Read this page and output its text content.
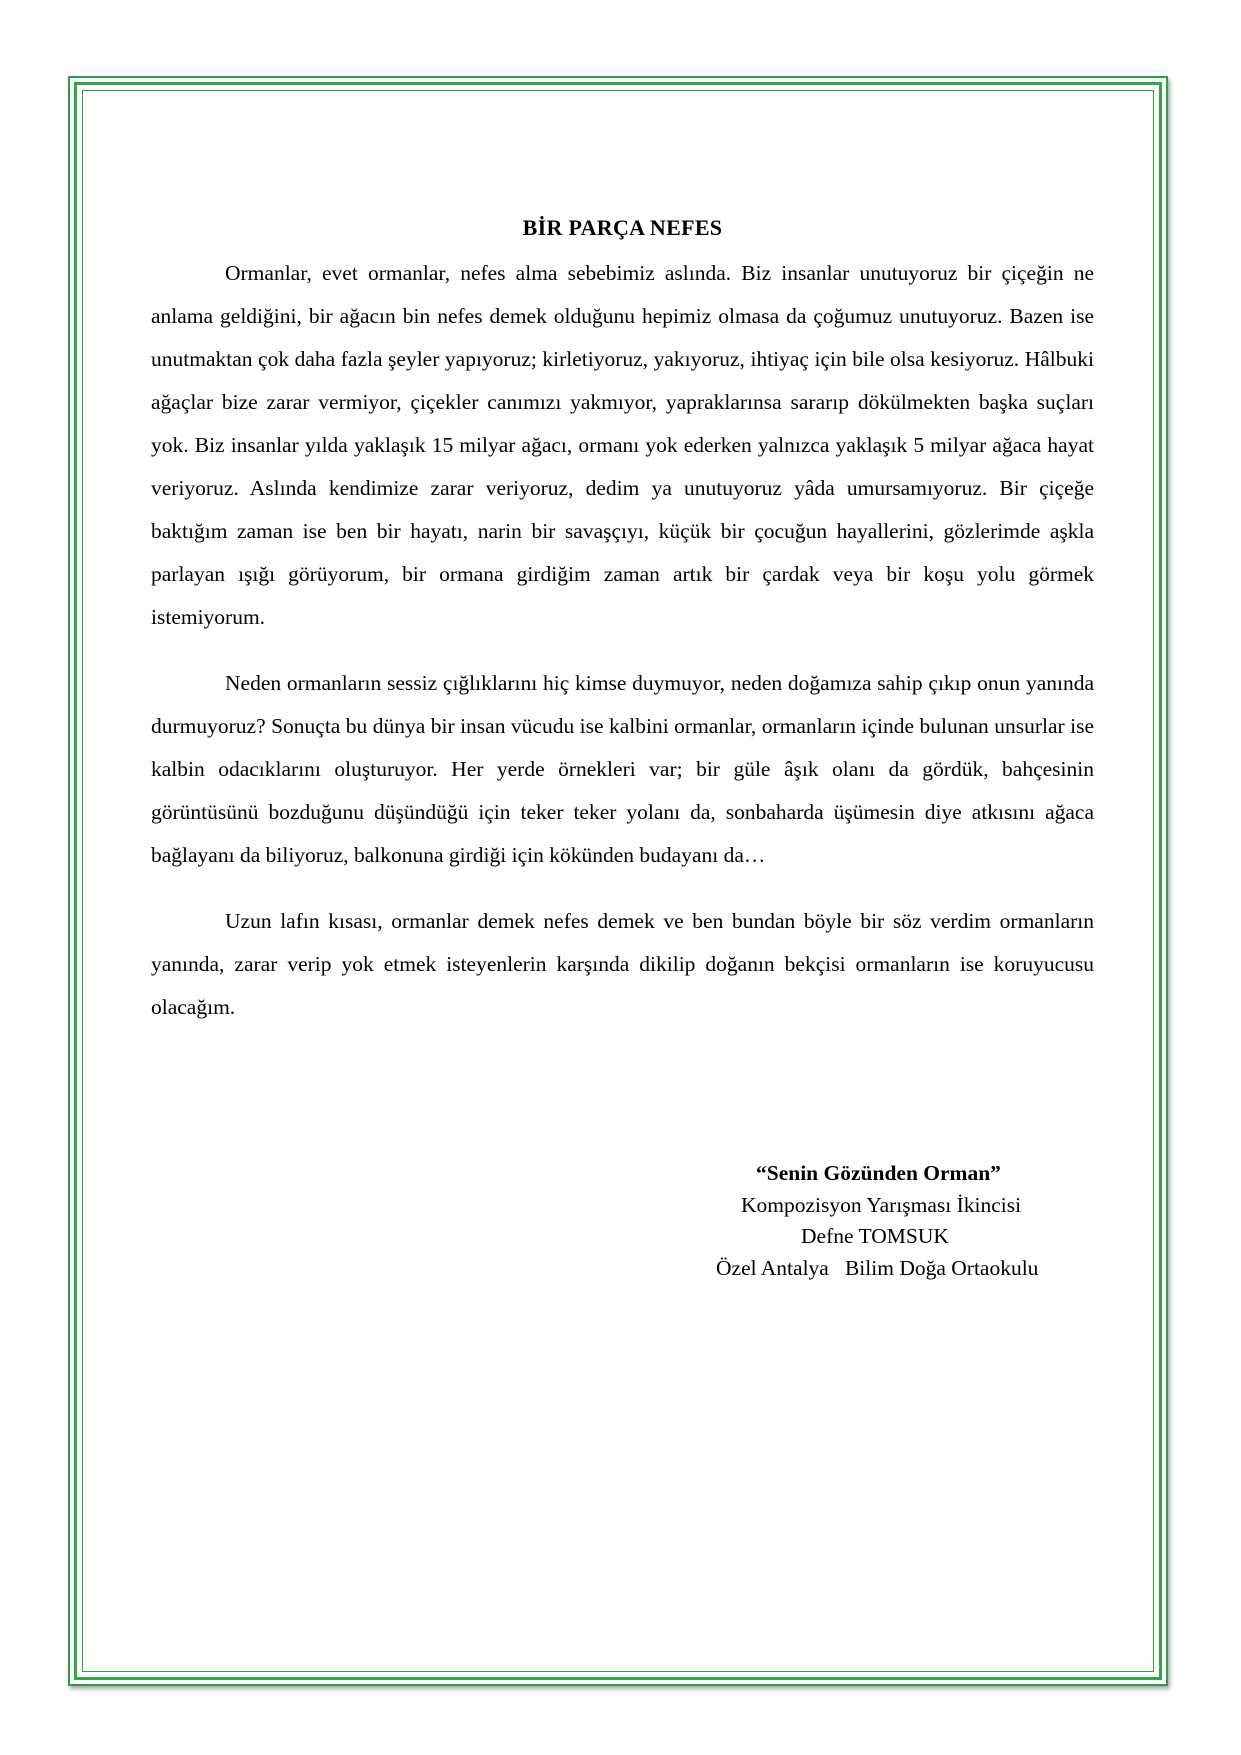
BİR PARÇA NEFES

Ormanlar, evet ormanlar, nefes alma sebebimiz aslında. Biz insanlar unutuyoruz bir çiçeğin ne anlama geldiğini, bir ağacın bin nefes demek olduğunu hepimiz olmasa da çoğumuz unutuyoruz. Bazen ise unutmaktan çok daha fazla şeyler yapıyoruz; kirletiyoruz, yakıyoruz, ihtiyaç için bile olsa kesiyoruz. Hâlbuki ağaçlar bize zarar vermiyor, çiçekler canımızı yakmıyor, yapraklarınsa sararıp dökülmekten başka suçları yok. Biz insanlar yılda yaklaşık 15 milyar ağacı, ormanı yok ederken yalnızca yaklaşık 5 milyar ağaca hayat veriyoruz. Aslında kendimize zarar veriyoruz, dedim ya unutuyoruz yâda umursamıyoruz. Bir çiçeğe baktığım zaman ise ben bir hayatı, narin bir savaşçıyı, küçük bir çocuğun hayallerini, gözlerimde aşkla parlayan ışığı görüyorum, bir ormana girdiğim zaman artık bir çardak veya bir koşu yolu görmek istemiyorum.

Neden ormanların sessiz çığlıklarını hiç kimse duymuyor, neden doğamıza sahip çıkıp onun yanında durmuyoruz? Sonuçta bu dünya bir insan vücudu ise kalbini ormanlar, ormanların içinde bulunan unsurlar ise kalbin odacıklarını oluşturuyor. Her yerde örnekleri var; bir güle âşık olanı da gördük, bahçesinin görüntüsünü bozduğunu düşündüğü için teker teker yolanı da, sonbaharda üşümesin diye atkısını ağaca bağlayanı da biliyoruz, balkonuna girdiği için kökünden budayanı da…

Uzun lafın kısası, ormanlar demek nefes demek ve ben bundan böyle bir söz verdim ormanların yanında, zarar verip yok etmek isteyenlerin karşında dikilip doğanın bekçisi ormanların ise koruyucusu olacağım.

“Senin Gözünden Orman”
Kompozisyon Yarışması İkincisi
Defne TOMSUK
Özel Antalya   Bilim Doğa Ortaokulu
